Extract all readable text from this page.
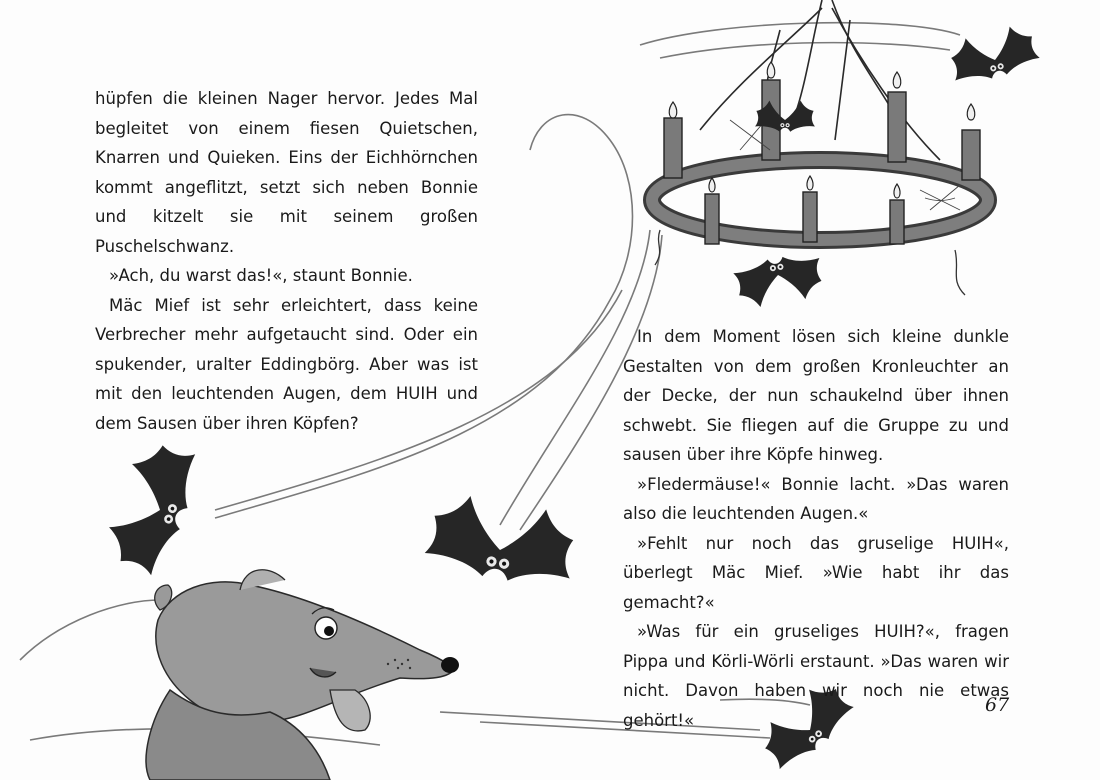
hüpfen die kleinen Nager hervor. Jedes Mal begleitet von einem fiesen Quietschen, Knarren und Quieken. Eins der Eichhörnchen kommt angeflitzt, setzt sich neben Bonnie und kitzelt sie mit seinem großen Puschelschwanz.

»Ach, du warst das!«, staunt Bonnie.

Mäc Mief ist sehr erleichtert, dass keine Verbrecher mehr aufgetaucht sind. Oder ein spukender, uralter Eddingbörg. Aber was ist mit den leuchtenden Augen, dem HUIH und dem Sausen über ihren Köpfen?

In dem Moment lösen sich kleine dunkle Gestalten von dem großen Kronleuchter an der Decke, der nun schaukelnd über ihnen schwebt. Sie fliegen auf die Gruppe zu und sausen über ihre Köpfe hinweg.

»Fledermäuse!« Bonnie lacht. »Das waren also die leuchtenden Augen.«

»Fehlt nur noch das gruselige HUIH«, überlegt Mäc Mief. »Wie habt ihr das gemacht?«

»Was für ein gruseliges HUIH?«, fragen Pippa und Körli-Wörli erstaunt. »Das waren wir nicht. Davon haben wir noch nie etwas gehört!«

67
